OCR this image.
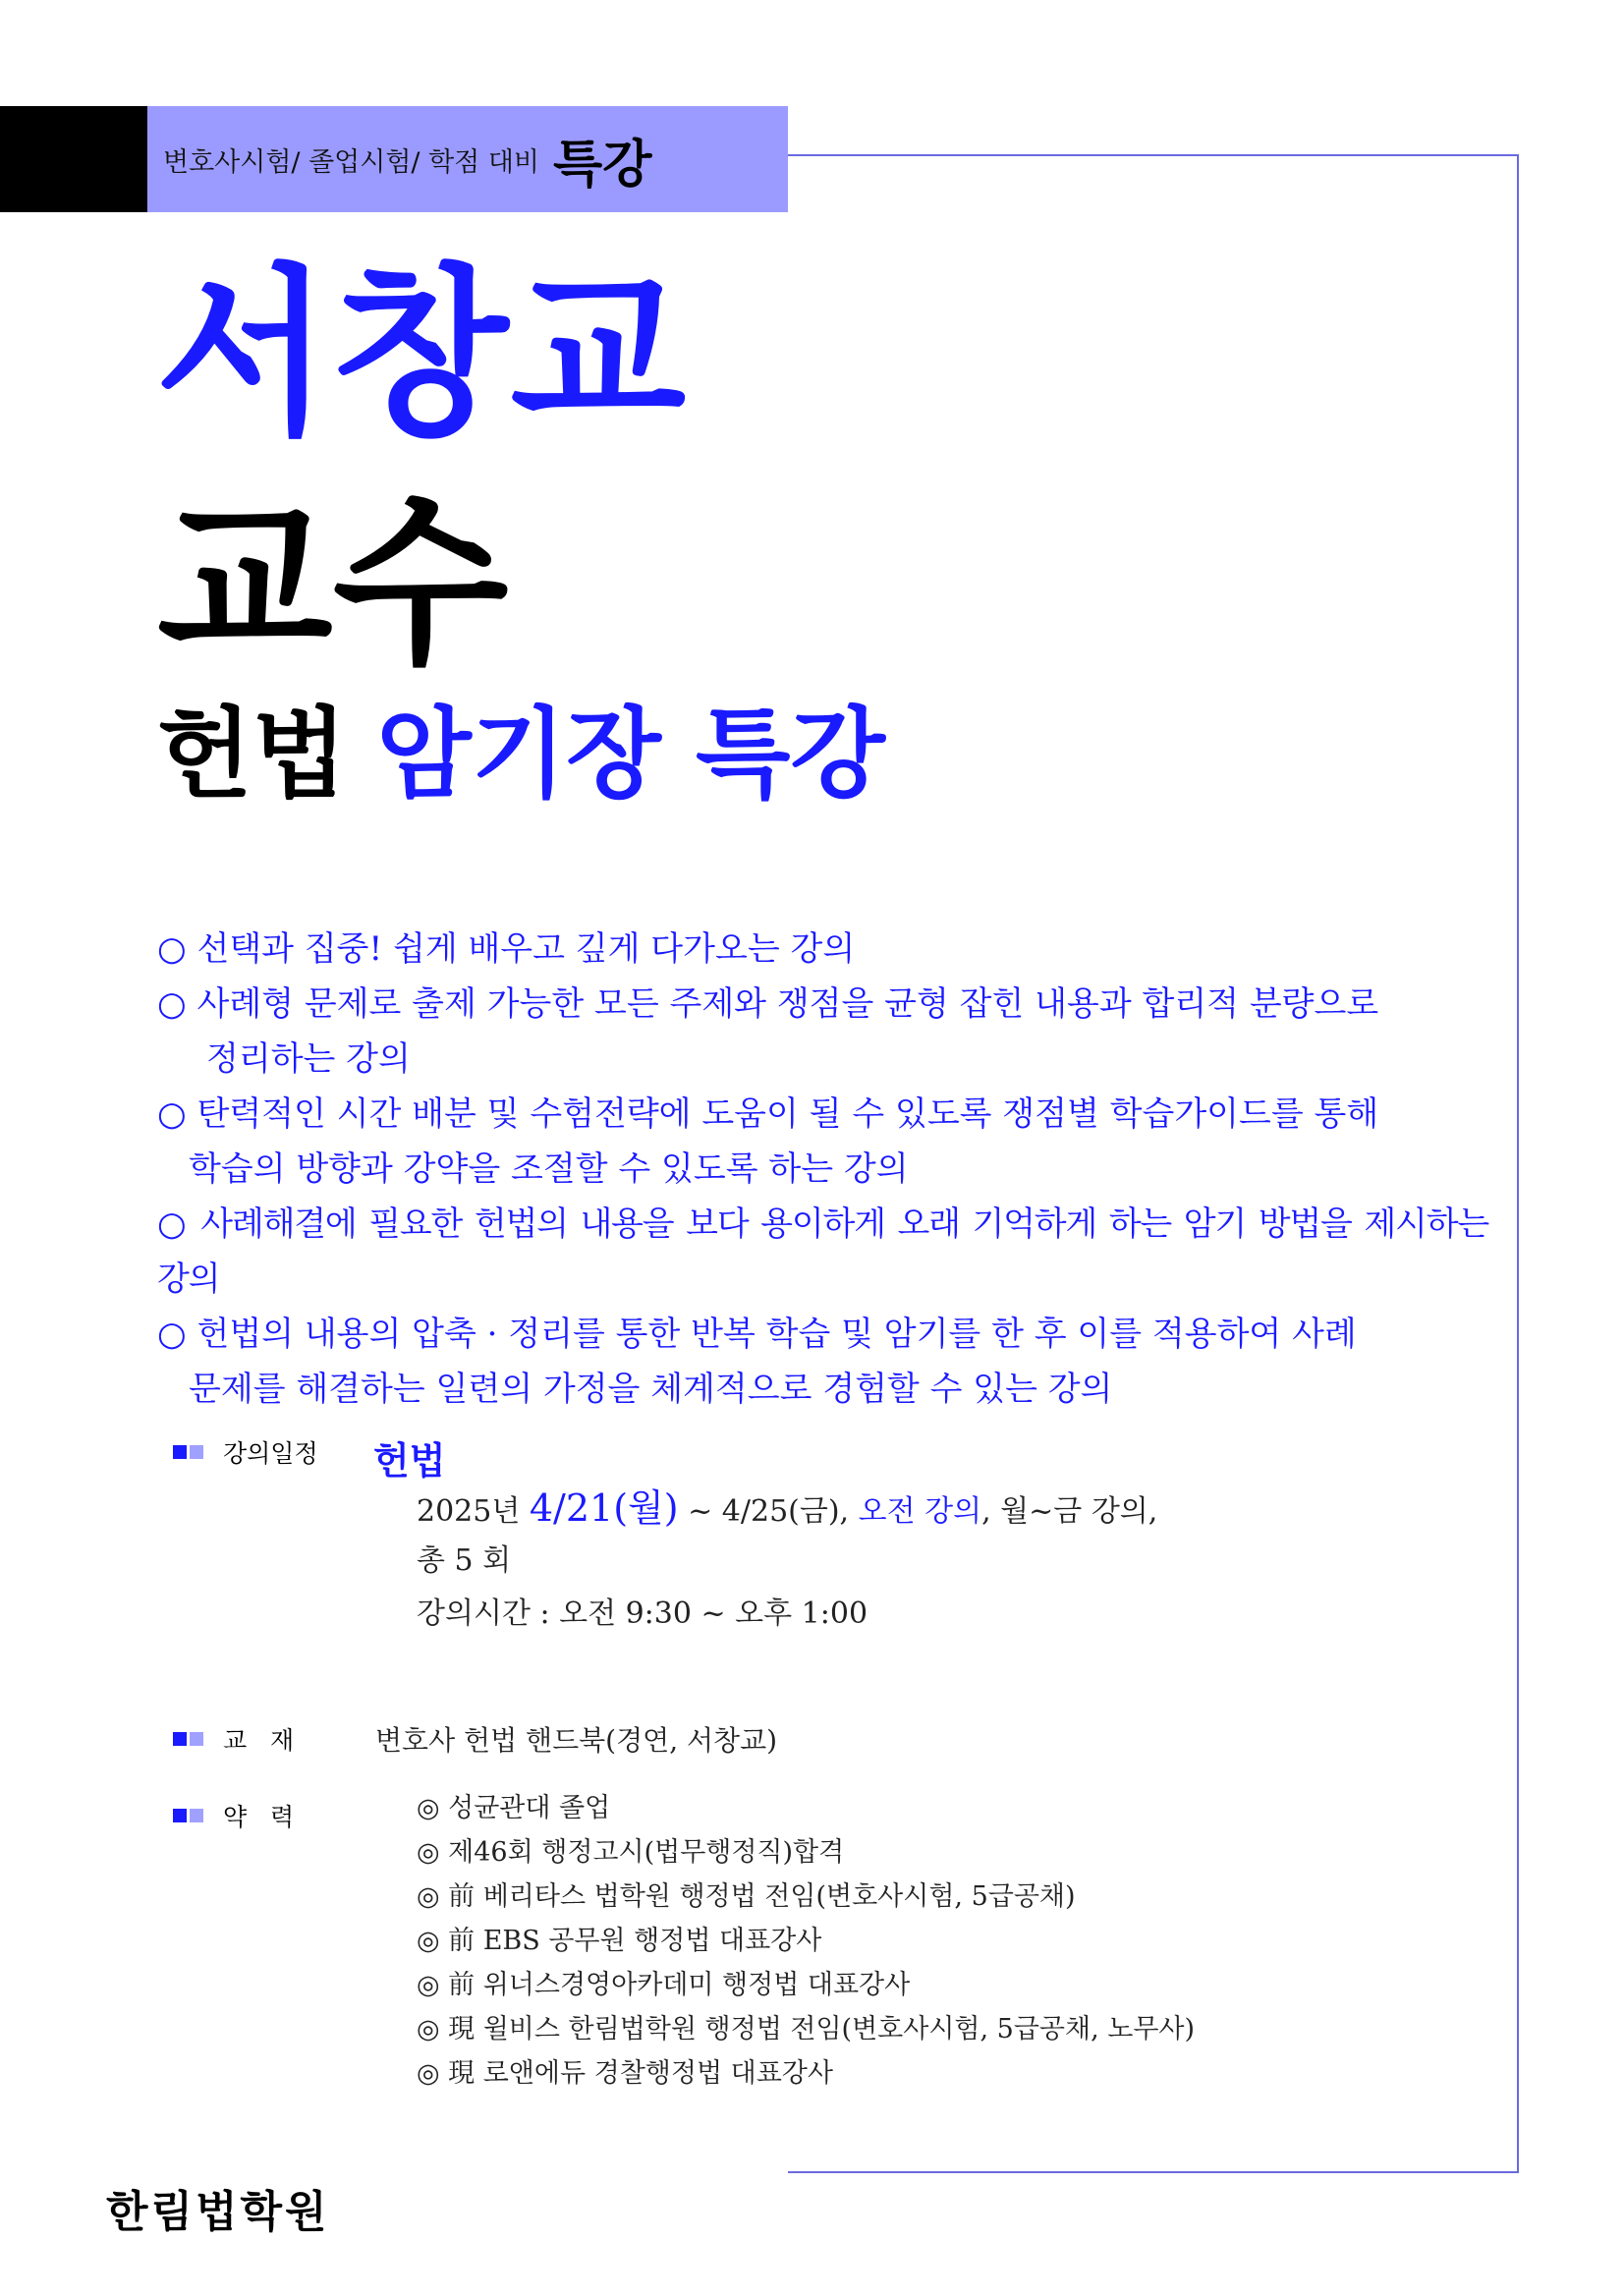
변호사시험/ 졸업시험/ 학점 대비 특강
서창교
교수
헌법 암기장 특강

○ 선택과 집중! 쉽게 배우고 깊게 다가오는 강의

○ 사례형 문제로 출제 가능한 모든 주제와 쟁점을 균형 잡힌 내용과 합리적 분량으로

정리하는 강의

○ 탄력적인 시간 배분 및 수험전략에 도움이 될 수 있도록 쟁점별 학습가이드를 통해

학습의 방향과 강약을 조절할 수 있도록 하는 강의

○ 사례해결에 필요한 헌법의 내용을 보다 용이하게 오래 기억하게 하는 암기 방법을 제시하는 강의

○ 헌법의 내용의 압축 · 정리를 통한 반복 학습 및 암기를 한 후 이를 적용하여 사례

문제를 해결하는 일련의 가정을 체계적으로 경험할 수 있는 강의

강의일정 헌법
2025년 4/21(월) ~ 4/25(금), 오전 강의, 월~금 강의,
총 5 회
강의시간 : 오전 9:30 ~ 오후 1:00
교   재	변호사 헌법 핸드북(경연, 서창교)
약   력	◎ 성균관대 졸업
◎ 제46회 행정고시(법무행정직)합격
◎ 前 베리타스 법학원 행정법 전임(변호사시험, 5급공채)
◎ 前 EBS 공무원 행정법 대표강사
◎ 前 위너스경영아카데미 행정법 대표강사
◎ 現 윌비스 한림법학원 행정법 전임(변호사시험, 5급공채, 노무사)
◎ 現 로앤에듀 경찰행정법 대표강사
한림법학원
